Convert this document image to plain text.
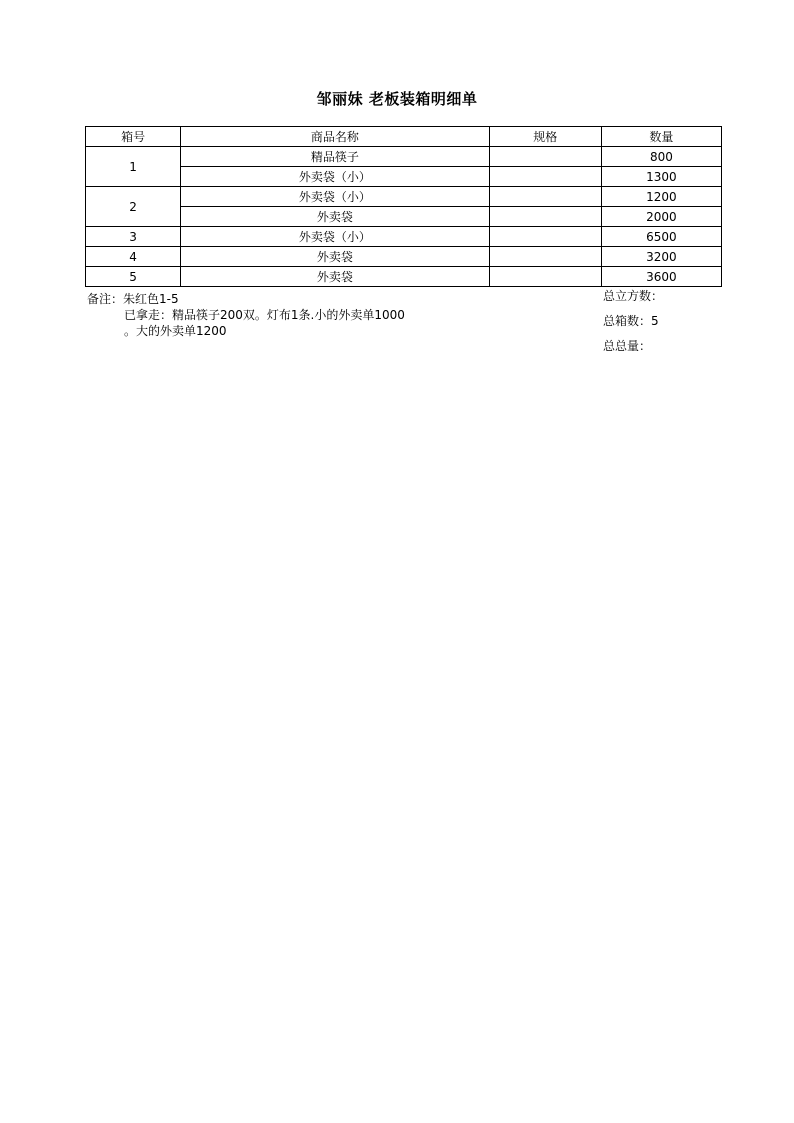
邹丽妹 老板装箱明细单
箱号	商品名称	规格	数量
1	精品筷子		800
	外卖袋（小）		1300
2	外卖袋（小）		1200
	外卖袋		2000
3	外卖袋（小）		6500
4	外卖袋		3200
5	外卖袋		3600
备注：朱红色1-5
已拿走：精品筷子200双。灯布1条.小的外卖单1000
。大的外卖单1200
总立方数：
总箱数：5
总总量：
